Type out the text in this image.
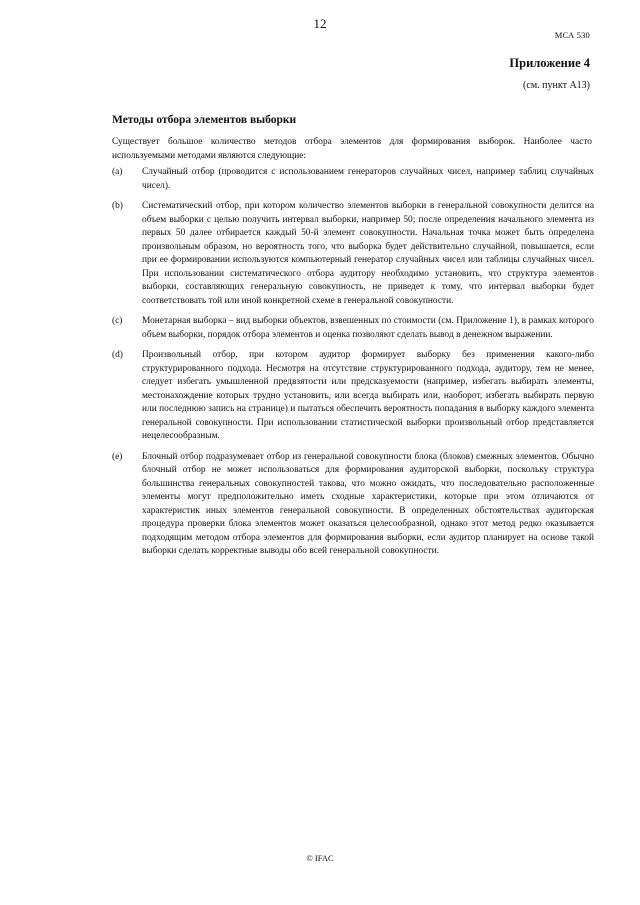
12
МСА 530
Приложение 4
(см. пункт А13)
Методы отбора элементов выборки
Существует большое количество методов отбора элементов для формирования выборок. Наиболее часто используемыми методами являются следующие:
(a)	Случайный отбор (проводится с использованием генераторов случайных чисел, например таблиц случайных чисел).
(b)	Систематический отбор, при котором количество элементов выборки в генеральной совокупности делится на объем выборки с целью получить интервал выборки, например 50; после определения начального элемента из первых 50 далее отбирается каждый 50-й элемент совокупности. Начальная точка может быть определена произвольным образом, но вероятность того, что выборка будет действительно случайной, повышается, если при ее формировании используются компьютерный генератор случайных чисел или таблицы случайных чисел. При использовании систематического отбора аудитору необходимо установить, что структура элементов выборки, составляющих генеральную совокупность, не приведет к тому, что интервал выборки будет соответствовать той или иной конкретной схеме в генеральной совокупности.
(c)	Монетарная выборка – вид выборки объектов, взвешенных по стоимости (см. Приложение 1), в рамках которого объем выборки, порядок отбора элементов и оценка позволяют сделать вывод в денежном выражении.
(d)	Произвольный отбор, при котором аудитор формирует выборку без применения какого-либо структурированного подхода. Несмотря на отсутствие структурированного подхода, аудитору, тем не менее, следует избегать умышленной предвзятости или предсказуемости (например, избегать выбирать элементы, местонахождение которых трудно установить, или всегда выбирать или, наоборот, избегать выбирать первую или последнюю запись на странице) и пытаться обеспечить вероятность попадания в выборку каждого элемента генеральной совокупности. При использовании статистической выборки произвольный отбор представляется нецелесообразным.
(e)	Блочный отбор подразумевает отбор из генеральной совокупности блока (блоков) смежных элементов. Обычно блочный отбор не может использоваться для формирования аудиторской выборки, поскольку структура большинства генеральных совокупностей такова, что можно ожидать, что последовательно расположенные элементы могут предположительно иметь сходные характеристики, которые при этом отличаются от характеристик иных элементов генеральной совокупности. В определенных обстоятельствах аудиторская процедура проверки блока элементов может оказаться целесообразной, однако этот метод редко оказывается подходящим методом отбора элементов для формирования выборки, если аудитор планирует на основе такой выборки сделать корректные выводы обо всей генеральной совокупности.
© IFAC
